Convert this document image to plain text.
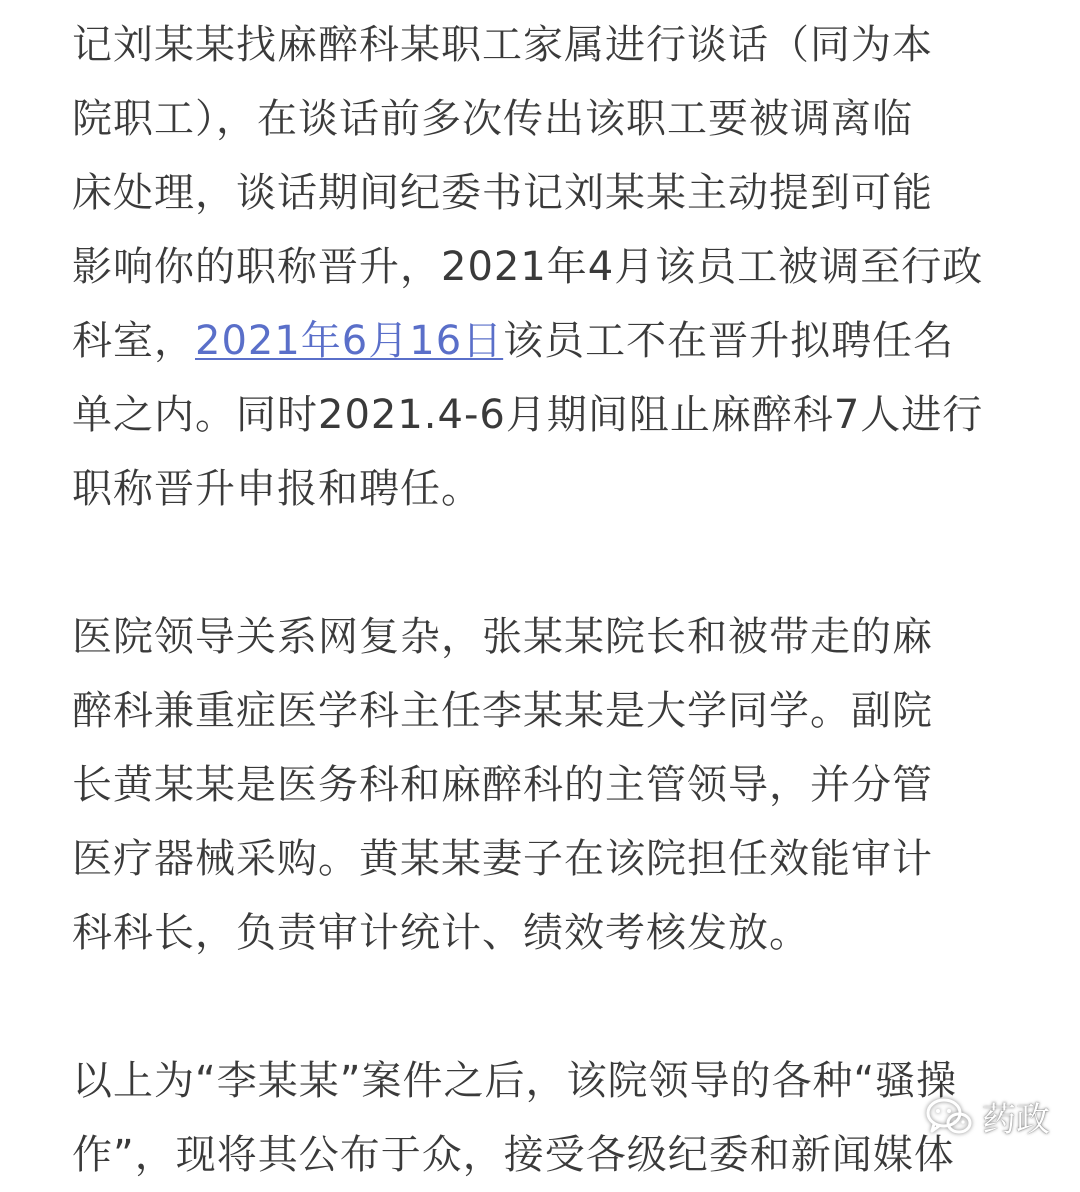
记刘某某找麻醉科某职工家属进行谈话（同为本
院职工），在谈话前多次传出该职工要被调离临
床处理，谈话期间纪委书记刘某某主动提到可能
影响你的职称晋升，2021年4月该员工被调至行政
科室，2021年6月16日该员工不在晋升拟聘任名
单之内。同时2021.4-6月期间阻止麻醉科7人进行
职称晋升申报和聘任。

医院领导关系网复杂，张某某院长和被带走的麻
醉科兼重症医学科主任李某某是大学同学。副院
长黄某某是医务科和麻醉科的主管领导，并分管
医疗器械采购。黄某某妻子在该院担任效能审计
科科长，负责审计统计、绩效考核发放。

以上为“李某某”案件之后，该院领导的各种“骚操
作”，现将其公布于众，接受各级纪委和新闻媒体

药政
